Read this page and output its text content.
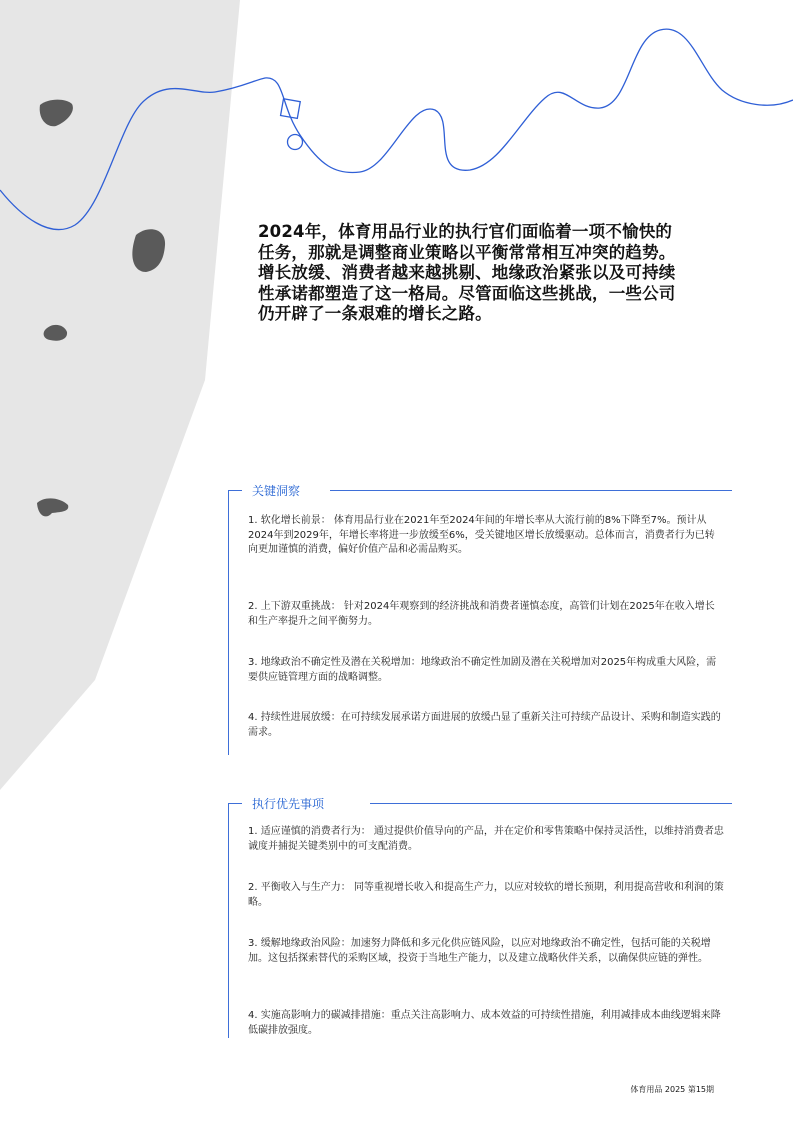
2024年，体育用品行业的执行官们面临着一项不愉快的任务，那就是调整商业策略以平衡常常相互冲突的趋势。增长放缓、消费者越来越挑剔、地缘政治紧张以及可持续性承诺都塑造了这一格局。尽管面临这些挑战，一些公司仍开辟了一条艰难的增长之路。
关键洞察
1. 软化增长前景： 体育用品行业在2021年至2024年间的年增长率从大流行前的8%下降至7%。预计从2024年到2029年，年增长率将进一步放缓至6%，受关键地区增长放缓驱动。总体而言，消费者行为已转向更加谨慎的消费，偏好价值产品和必需品购买。
2. 上下游双重挑战： 针对2024年观察到的经济挑战和消费者谨慎态度，高管们计划在2025年在收入增长和生产率提升之间平衡努力。
3. 地缘政治不确定性及潜在关税增加：地缘政治不确定性加剧及潜在关税增加对2025年构成重大风险，需要供应链管理方面的战略调整。
4. 持续性进展放缓：在可持续发展承诺方面进展的放缓凸显了重新关注可持续产品设计、采购和制造实践的需求。
执行优先事项
1. 适应谨慎的消费者行为： 通过提供价值导向的产品，并在定价和零售策略中保持灵活性，以维持消费者忠诚度并捕捉关键类别中的可支配消费。
2. 平衡收入与生产力： 同等重视增长收入和提高生产力，以应对较软的增长预期，利用提高营收和利润的策略。
3. 缓解地缘政治风险：加速努力降低和多元化供应链风险，以应对地缘政治不确定性，包括可能的关税增加。这包括探索替代的采购区域，投资于当地生产能力，以及建立战略伙伴关系，以确保供应链的弹性。
4. 实施高影响力的碳减排措施：重点关注高影响力、成本效益的可持续性措施，利用减排成本曲线逻辑来降低碳排放强度。
体育用品 2025 第15期
